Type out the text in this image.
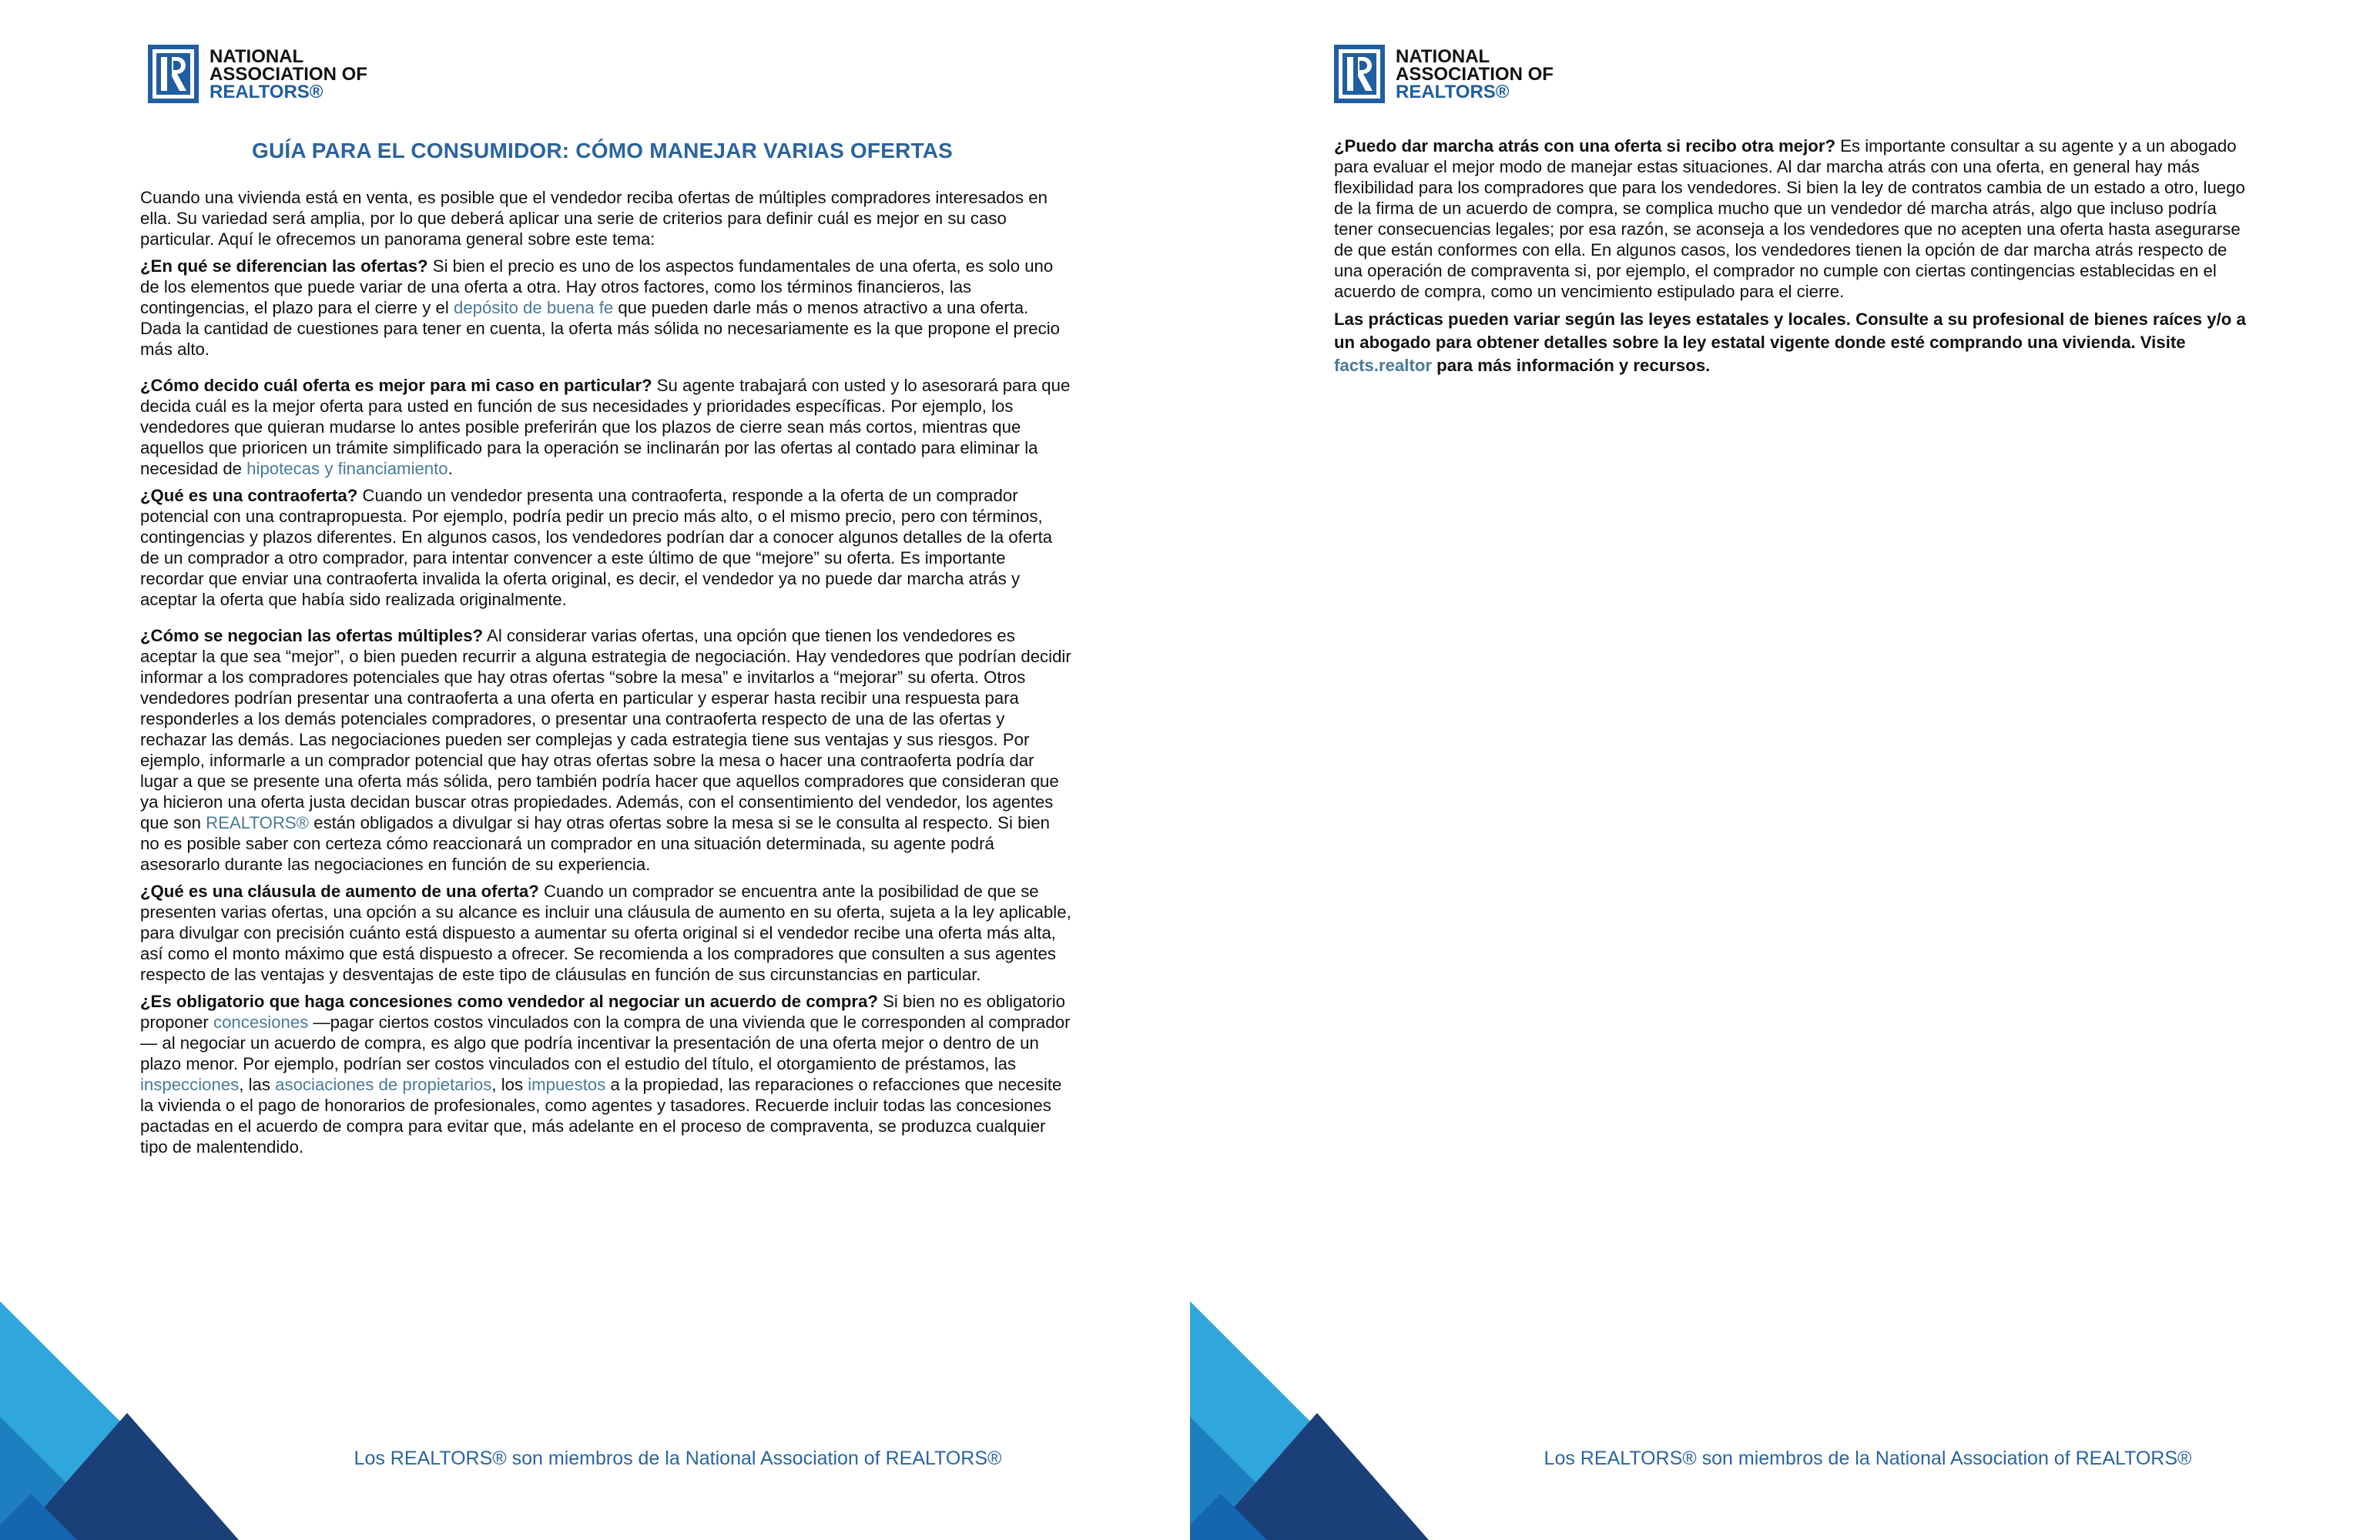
NATIONAL
ASSOCIATION OF
REALTORS®
GUÍA PARA EL CONSUMIDOR: CÓMO MANEJAR VARIAS OFERTAS

Cuando una vivienda está en venta, es posible que el vendedor reciba ofertas de múltiples compradores interesados en ella. Su variedad será amplia, por lo que deberá aplicar una serie de criterios para definir cuál es mejor en su caso particular. Aquí le ofrecemos un panorama general sobre este tema:

¿En qué se diferencian las ofertas? Si bien el precio es uno de los aspectos fundamentales de una oferta, es solo uno de los elementos que puede variar de una oferta a otra. Hay otros factores, como los términos financieros, las contingencias, el plazo para el cierre y el depósito de buena fe que pueden darle más o menos atractivo a una oferta. Dada la cantidad de cuestiones para tener en cuenta, la oferta más sólida no necesariamente es la que propone el precio más alto.

¿Cómo decido cuál oferta es mejor para mi caso en particular? Su agente trabajará con usted y lo asesorará para que decida cuál es la mejor oferta para usted en función de sus necesidades y prioridades específicas. Por ejemplo, los vendedores que quieran mudarse lo antes posible preferirán que los plazos de cierre sean más cortos, mientras que aquellos que prioricen un trámite simplificado para la operación se inclinarán por las ofertas al contado para eliminar la necesidad de hipotecas y financiamiento.

¿Qué es una contraoferta? Cuando un vendedor presenta una contraoferta, responde a la oferta de un comprador potencial con una contrapropuesta. Por ejemplo, podría pedir un precio más alto, o el mismo precio, pero con términos, contingencias y plazos diferentes. En algunos casos, los vendedores podrían dar a conocer algunos detalles de la oferta de un comprador a otro comprador, para intentar convencer a este último de que “mejore” su oferta. Es importante recordar que enviar una contraoferta invalida la oferta original, es decir, el vendedor ya no puede dar marcha atrás y aceptar la oferta que había sido realizada originalmente.

¿Cómo se negocian las ofertas múltiples? Al considerar varias ofertas, una opción que tienen los vendedores es aceptar la que sea “mejor”, o bien pueden recurrir a alguna estrategia de negociación. Hay vendedores que podrían decidir informar a los compradores potenciales que hay otras ofertas “sobre la mesa” e invitarlos a “mejorar” su oferta. Otros vendedores podrían presentar una contraoferta a una oferta en particular y esperar hasta recibir una respuesta para responderles a los demás potenciales compradores, o presentar una contraoferta respecto de una de las ofertas y rechazar las demás. Las negociaciones pueden ser complejas y cada estrategia tiene sus ventajas y sus riesgos. Por ejemplo, informarle a un comprador potencial que hay otras ofertas sobre la mesa o hacer una contraoferta podría dar lugar a que se presente una oferta más sólida, pero también podría hacer que aquellos compradores que consideran que ya hicieron una oferta justa decidan buscar otras propiedades. Además, con el consentimiento del vendedor, los agentes que son REALTORS® están obligados a divulgar si hay otras ofertas sobre la mesa si se le consulta al respecto. Si bien no es posible saber con certeza cómo reaccionará un comprador en una situación determinada, su agente podrá asesorarlo durante las negociaciones en función de su experiencia.

¿Qué es una cláusula de aumento de una oferta? Cuando un comprador se encuentra ante la posibilidad de que se presenten varias ofertas, una opción a su alcance es incluir una cláusula de aumento en su oferta, sujeta a la ley aplicable, para divulgar con precisión cuánto está dispuesto a aumentar su oferta original si el vendedor recibe una oferta más alta, así como el monto máximo que está dispuesto a ofrecer. Se recomienda a los compradores que consulten a sus agentes respecto de las ventajas y desventajas de este tipo de cláusulas en función de sus circunstancias en particular.

¿Es obligatorio que haga concesiones como vendedor al negociar un acuerdo de compra? Si bien no es obligatorio proponer concesiones —pagar ciertos costos vinculados con la compra de una vivienda que le corresponden al comprador— al negociar un acuerdo de compra, es algo que podría incentivar la presentación de una oferta mejor o dentro de un plazo menor. Por ejemplo, podrían ser costos vinculados con el estudio del título, el otorgamiento de préstamos, las inspecciones, las asociaciones de propietarios, los impuestos a la propiedad, las reparaciones o refacciones que necesite la vivienda o el pago de honorarios de profesionales, como agentes y tasadores. Recuerde incluir todas las concesiones pactadas en el acuerdo de compra para evitar que, más adelante en el proceso de compraventa, se produzca cualquier tipo de malentendido.

Los REALTORS® son miembros de la National Association of REALTORS®
NATIONAL
ASSOCIATION OF
REALTORS®

¿Puedo dar marcha atrás con una oferta si recibo otra mejor? Es importante consultar a su agente y a un abogado para evaluar el mejor modo de manejar estas situaciones. Al dar marcha atrás con una oferta, en general hay más flexibilidad para los compradores que para los vendedores. Si bien la ley de contratos cambia de un estado a otro, luego de la firma de un acuerdo de compra, se complica mucho que un vendedor dé marcha atrás, algo que incluso podría tener consecuencias legales; por esa razón, se aconseja a los vendedores que no acepten una oferta hasta asegurarse de que están conformes con ella. En algunos casos, los vendedores tienen la opción de dar marcha atrás respecto de una operación de compraventa si, por ejemplo, el comprador no cumple con ciertas contingencias establecidas en el acuerdo de compra, como un vencimiento estipulado para el cierre.

Las prácticas pueden variar según las leyes estatales y locales. Consulte a su profesional de bienes raíces y/o a un abogado para obtener detalles sobre la ley estatal vigente donde esté comprando una vivienda. Visite facts.realtor para más información y recursos.

Los REALTORS® son miembros de la National Association of REALTORS®
